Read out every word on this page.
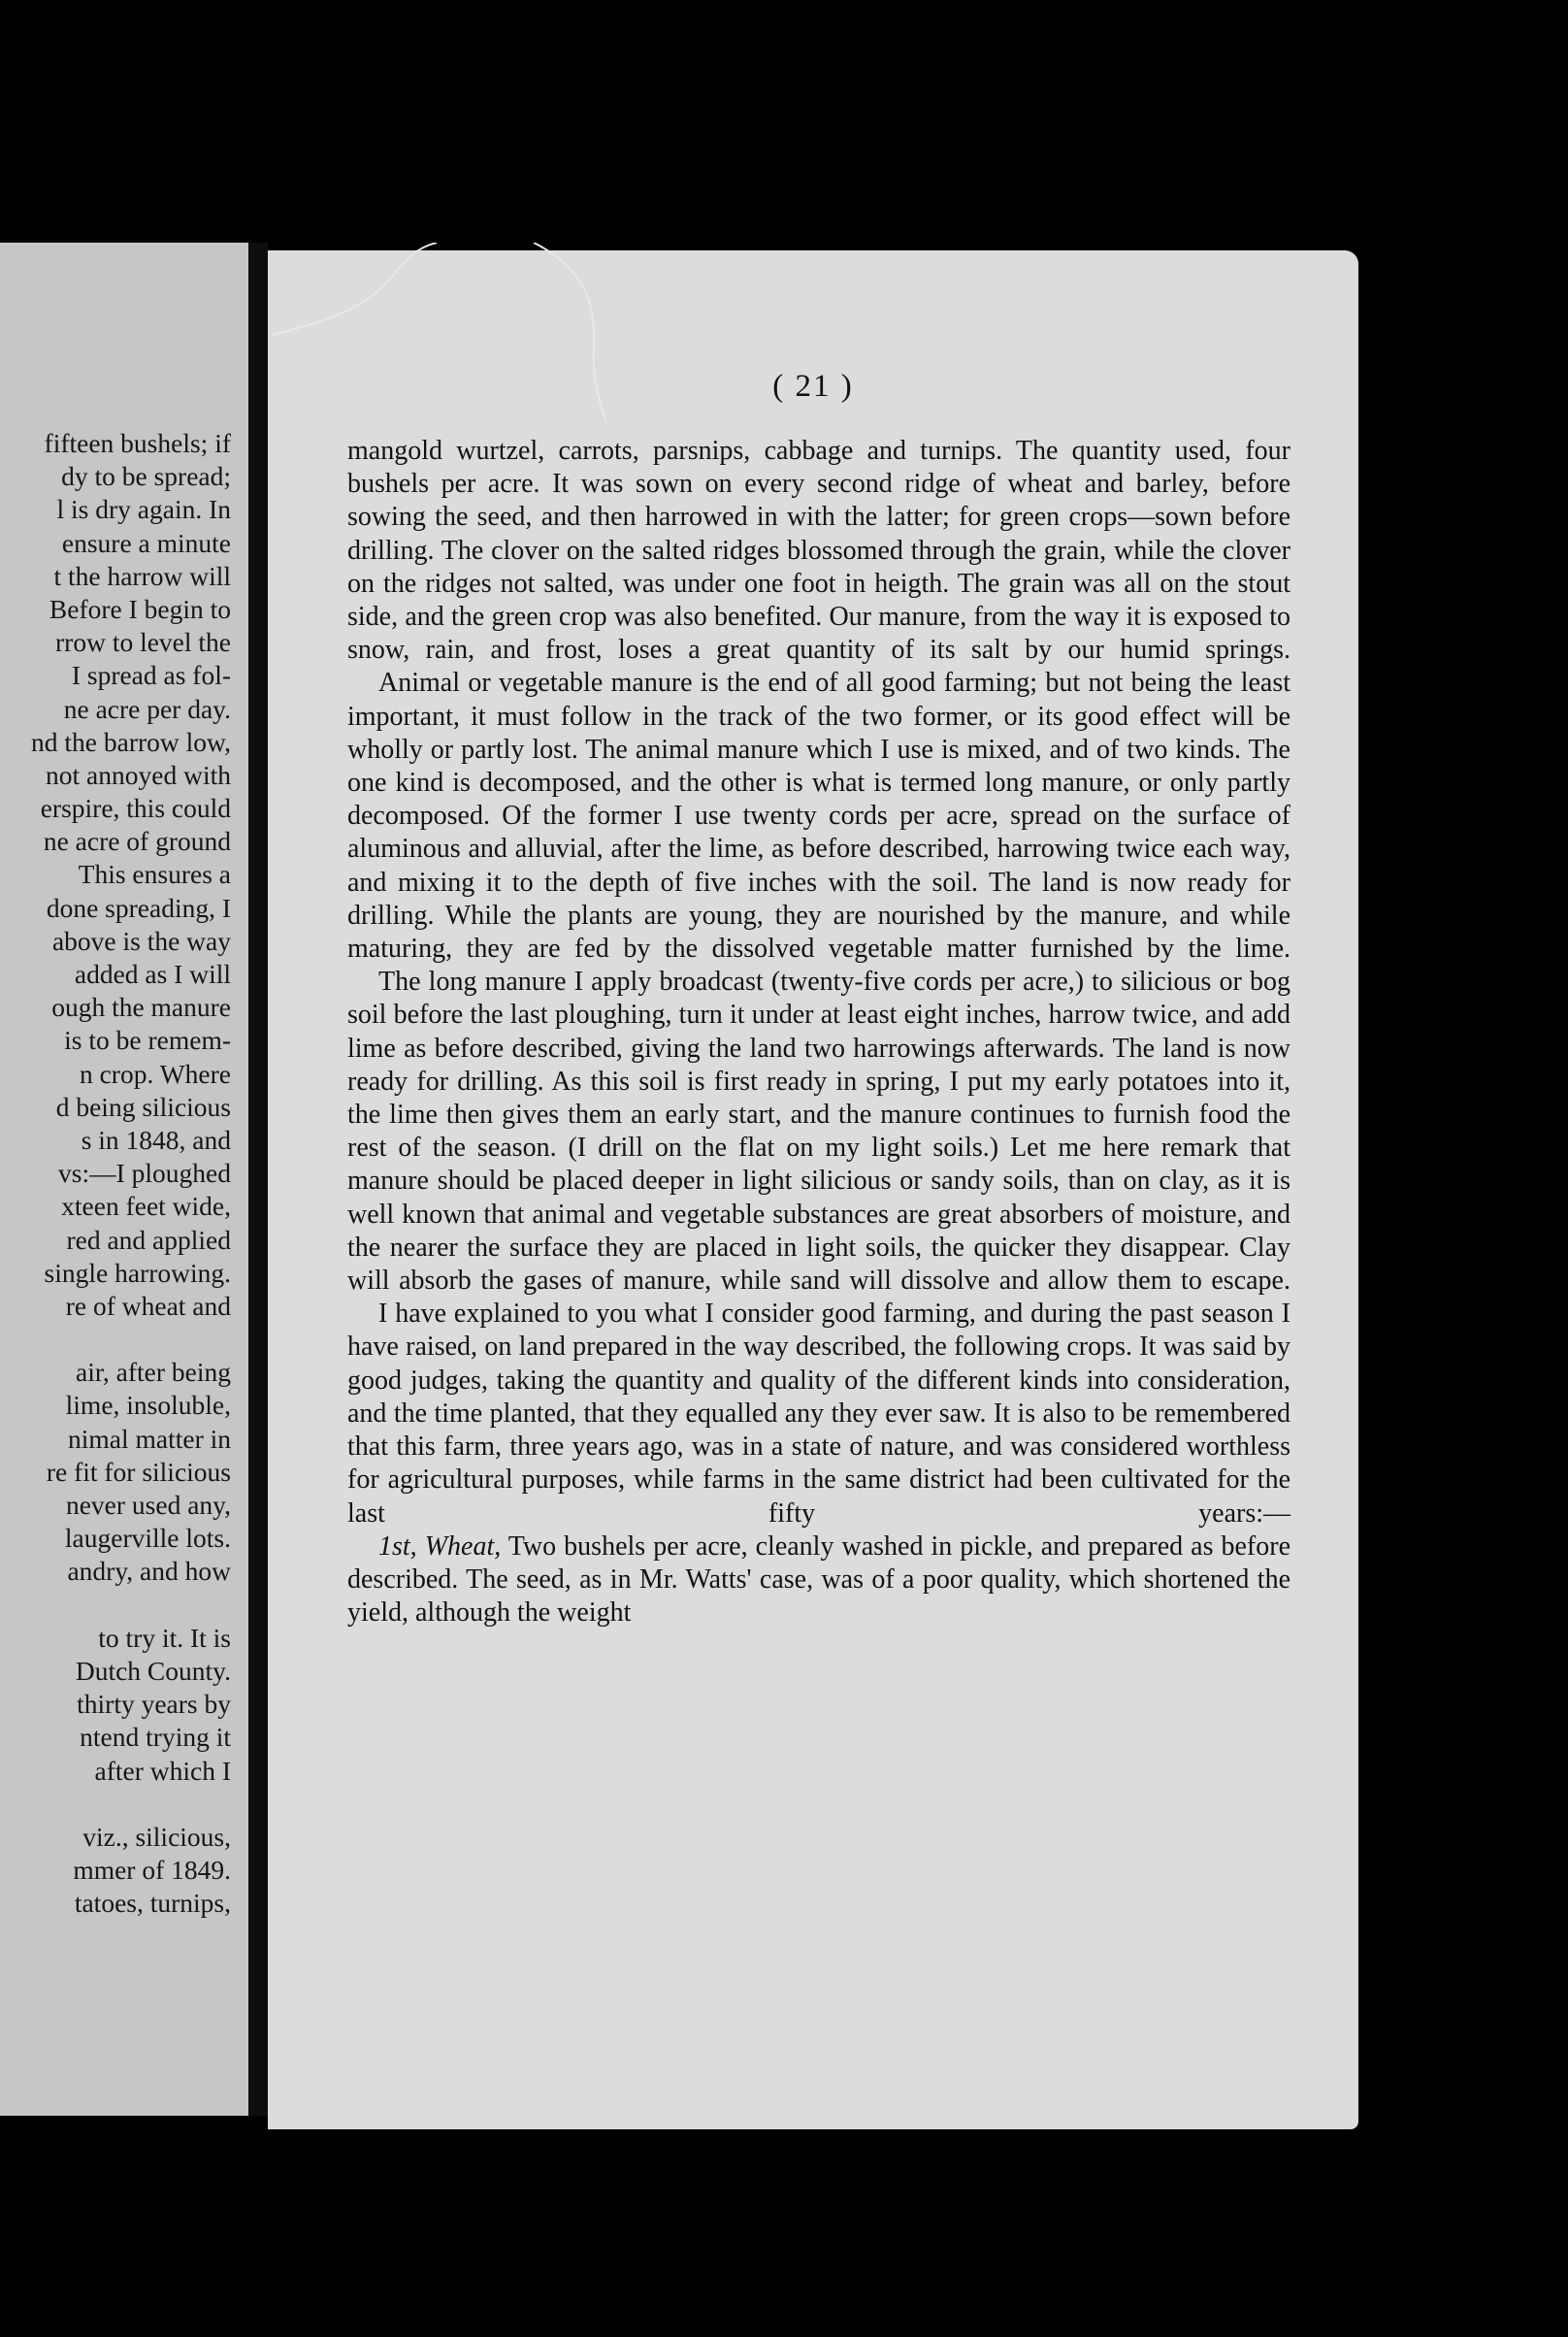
fifteen bushels; if
dy to be spread;
l is dry again. In
ensure a minute
t the harrow will
Before I begin to
rrow to level the
I spread as fol-
ne acre per day.
nd the barrow low,
not annoyed with
erspire, this could
ne acre of ground
This ensures a
done spreading, I
above is the way
added as I will
ough the manure
is to be remem-
n crop. Where
d being silicious
s in 1848, and
vs:—I ploughed
xteen feet wide,
red and applied
single harrowing.
re of wheat and
air, after being
lime, insoluble,
nimal matter in
re fit for silicious
never used any,
laugerville lots.
andry, and how
to try it. It is
Dutch County.
thirty years by
ntend trying it
after which I
viz., silicious,
mmer of 1849.
tatoes, turnips,
( 21 )

mangold wurtzel, carrots, parsnips, cabbage and turnips. The quantity used, four bushels per acre. It was sown on every second ridge of wheat and barley, before sowing the seed, and then harrowed in with the latter; for green crops—sown before drilling. The clover on the salted ridges blossomed through the grain, while the clover on the ridges not salted, was under one foot in heigth. The grain was all on the stout side, and the green crop was also benefited. Our manure, from the way it is exposed to snow, rain, and frost, loses a great quantity of its salt by our humid springs.

Animal or vegetable manure is the end of all good farming; but not being the least important, it must follow in the track of the two former, or its good effect will be wholly or partly lost. The animal manure which I use is mixed, and of two kinds. The one kind is decomposed, and the other is what is termed long manure, or only partly decomposed. Of the former I use twenty cords per acre, spread on the surface of aluminous and alluvial, after the lime, as before described, harrowing twice each way, and mixing it to the depth of five inches with the soil. The land is now ready for drilling. While the plants are young, they are nourished by the manure, and while maturing, they are fed by the dissolved vegetable matter furnished by the lime.

The long manure I apply broadcast (twenty-five cords per acre,) to silicious or bog soil before the last ploughing, turn it under at least eight inches, harrow twice, and add lime as before described, giving the land two harrowings afterwards. The land is now ready for drilling. As this soil is first ready in spring, I put my early potatoes into it, the lime then gives them an early start, and the manure continues to furnish food the rest of the season. (I drill on the flat on my light soils.) Let me here remark that manure should be placed deeper in light silicious or sandy soils, than on clay, as it is well known that animal and vegetable substances are great absorbers of moisture, and the nearer the surface they are placed in light soils, the quicker they disappear. Clay will absorb the gases of manure, while sand will dissolve and allow them to escape.

I have explained to you what I consider good farming, and during the past season I have raised, on land prepared in the way described, the following crops. It was said by good judges, taking the quantity and quality of the different kinds into consideration, and the time planted, that they equalled any they ever saw. It is also to be remembered that this farm, three years ago, was in a state of nature, and was considered worthless for agricultural purposes, while farms in the same district had been cultivated for the last fifty years:—

1st, Wheat, Two bushels per acre, cleanly washed in pickle, and prepared as before described. The seed, as in Mr. Watts' case, was of a poor quality, which shortened the yield, although the weight
